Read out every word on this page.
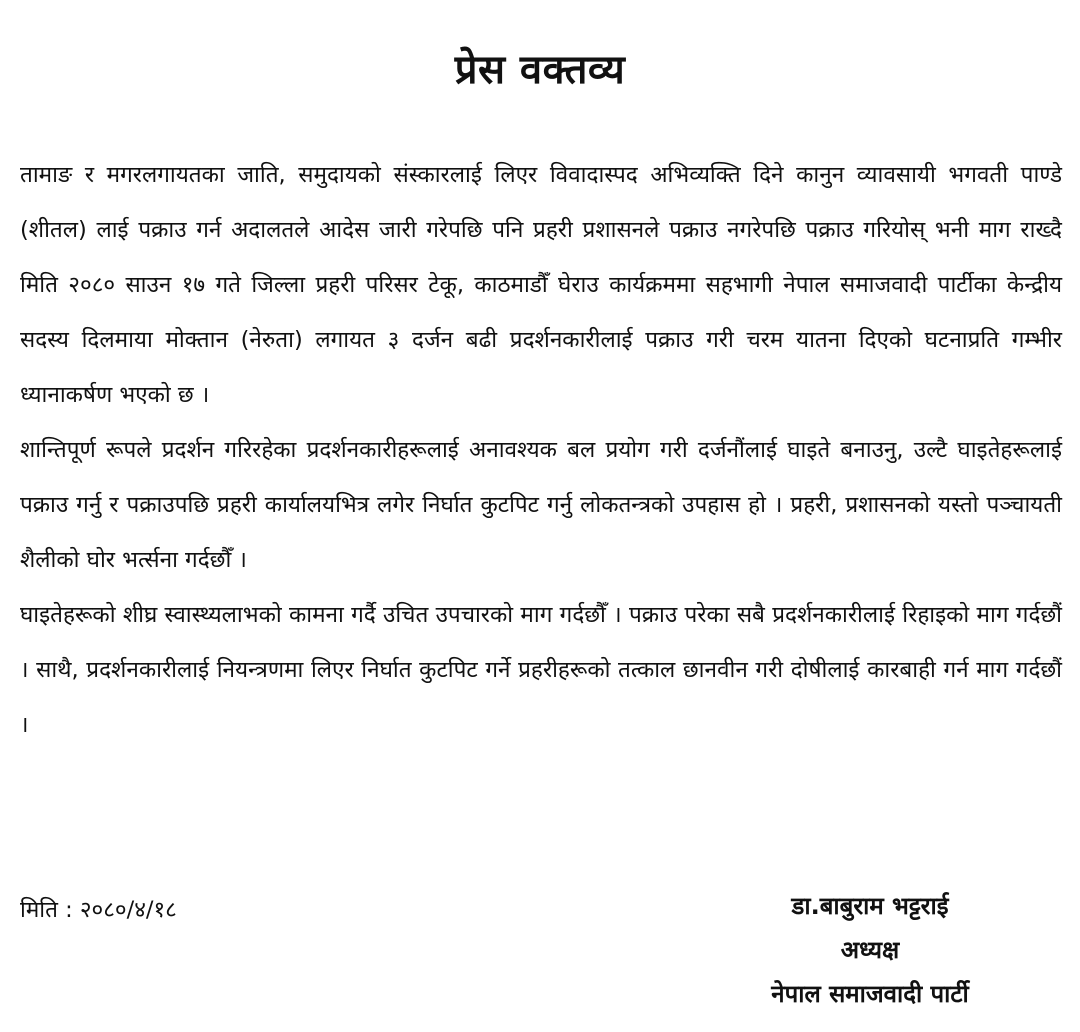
प्रेस वक्तव्य

तामाङ र मगरलगायतका जाति, समुदायको संस्कारलाई लिएर विवादास्पद अभिव्यक्ति दिने कानुन व्यावसायी भगवती पाण्डे (शीतल) लाई पक्राउ गर्न अदालतले आदेस जारी गरेपछि पनि प्रहरी प्रशासनले पक्राउ नगरेपछि पक्राउ गरियोस् भनी माग राख्दै मिति २०८० साउन १७ गते जिल्ला प्रहरी परिसर टेकू, काठमाडौँ घेराउ कार्यक्रममा सहभागी नेपाल समाजवादी पार्टीका केन्द्रीय सदस्य दिलमाया मोक्तान (नेरुता) लगायत ३ दर्जन बढी प्रदर्शनकारीलाई पक्राउ गरी चरम यातना दिएको घटनाप्रति गम्भीर ध्यानाकर्षण भएको छ ।

शान्तिपूर्ण रूपले प्रदर्शन गरिरहेका प्रदर्शनकारीहरूलाई अनावश्यक बल प्रयोग गरी दर्जनौंलाई घाइते बनाउनु, उल्टै घाइतेहरूलाई पक्राउ गर्नु र पक्राउपछि प्रहरी कार्यालयभित्र लगेर निर्घात कुटपिट गर्नु लोकतन्त्रको उपहास हो । प्रहरी, प्रशासनको यस्तो पञ्चायती शैलीको घोर भर्त्सना गर्दछौँ ।

घाइतेहरूको शीघ्र स्वास्थ्यलाभको कामना गर्दै उचित उपचारको माग गर्दछौँ । पक्राउ परेका सबै प्रदर्शनकारीलाई रिहाइको माग गर्दछौं । साथै, प्रदर्शनकारीलाई नियन्त्रणमा लिएर निर्घात कुटपिट गर्ने प्रहरीहरूको तत्काल छानवीन गरी दोषीलाई कारबाही गर्न माग गर्दछौं ।

मिति : २०८०/४/१८	डा.बाबुराम भट्टराई
अध्यक्ष
नेपाल समाजवादी पार्टी
